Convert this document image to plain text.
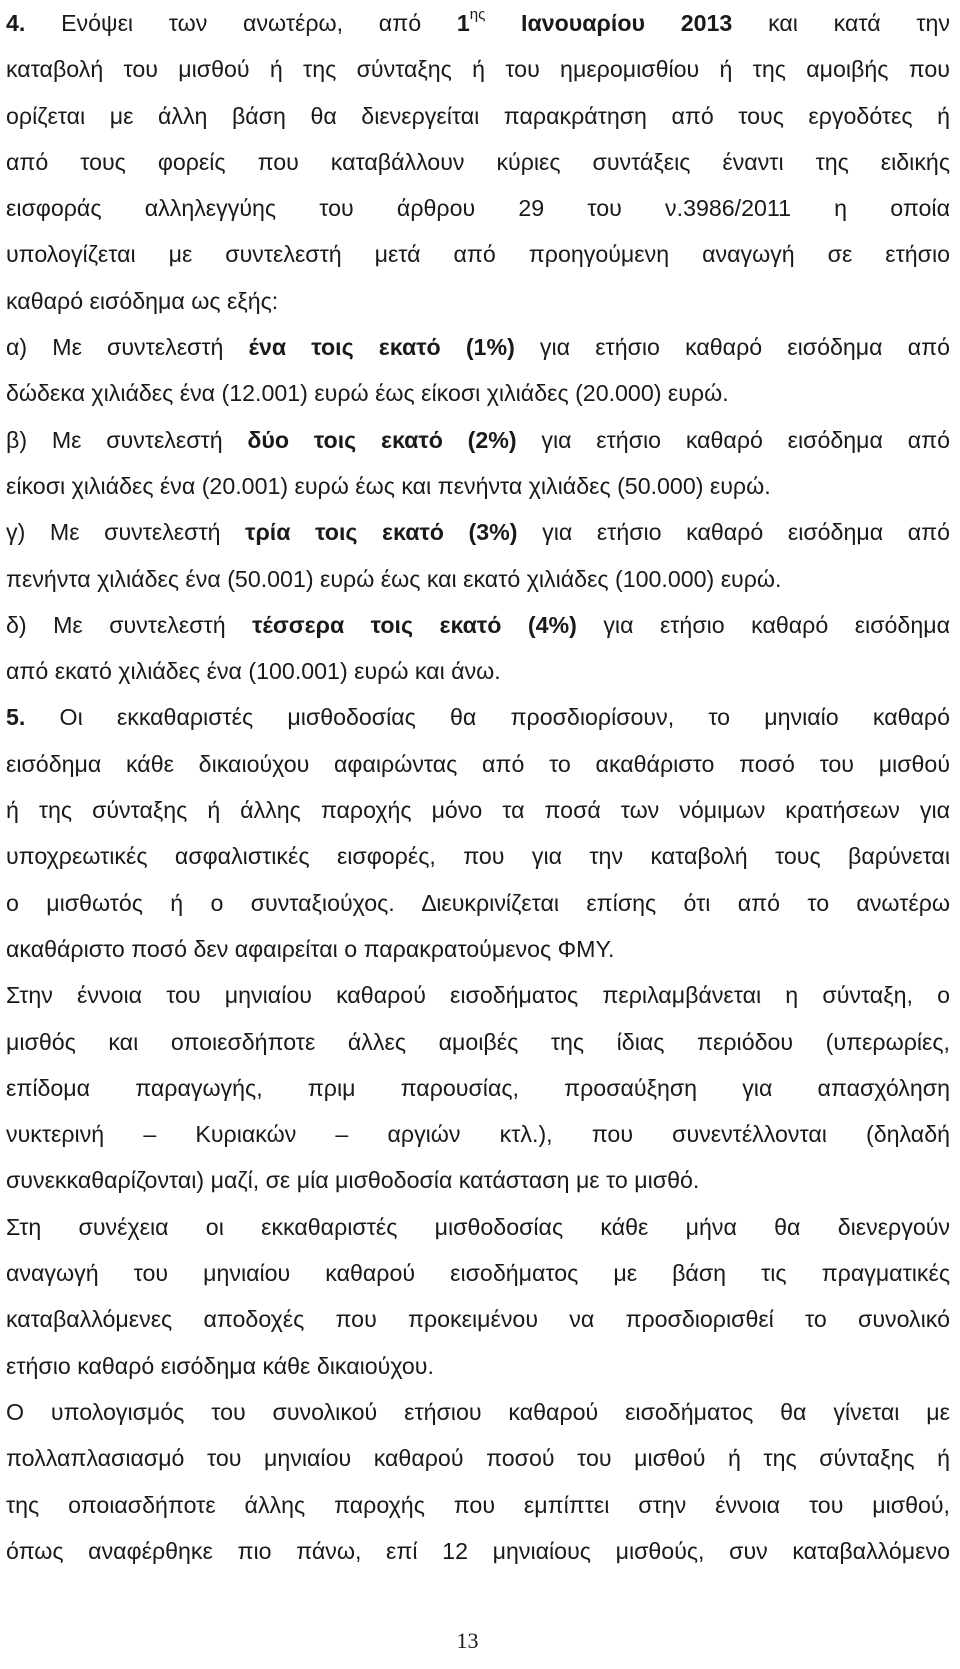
4. Ενόψει των ανωτέρω, από $1^{\eta\varsigma}$ Ιανουαρίου 2013 και κατά την
καταβολή του μισθού ή της σύνταξης ή του ημερομισθίου ή της αμοιβής που
ορίζεται με άλλη βάση θα διενεργείται παρακράτηση από τους εργοδότες ή
από τους φορείς που καταβάλλουν κύριες συντάξεις έναντι της ειδικής
εισφοράς αλληλεγγύης του άρθρου 29 του ν.3986/2011 η οποία
υπολογίζεται με συντελεστή μετά από προηγούμενη αναγωγή σε ετήσιο
καθαρό εισόδημα ως εξής:
α) Με συντελεστή ένα τοις εκατό (1%) για ετήσιο καθαρό εισόδημα από
δώδεκα χιλιάδες ένα (12.001) ευρώ έως είκοσι χιλιάδες (20.000) ευρώ.
β) Με συντελεστή δύο τοις εκατό (2%) για ετήσιο καθαρό εισόδημα από
είκοσι χιλιάδες ένα (20.001) ευρώ έως και πενήντα χιλιάδες (50.000) ευρώ.
γ) Με συντελεστή τρία τοις εκατό (3%) για ετήσιο καθαρό εισόδημα από
πενήντα χιλιάδες ένα (50.001) ευρώ έως και εκατό χιλιάδες (100.000) ευρώ.
δ) Με συντελεστή τέσσερα τοις εκατό (4%) για ετήσιο καθαρό εισόδημα
από εκατό χιλιάδες ένα (100.001) ευρώ και άνω.
5. Οι εκκαθαριστές μισθοδοσίας θα προσδιορίσουν, το μηνιαίο καθαρό
εισόδημα κάθε δικαιούχου αφαιρώντας από το ακαθάριστο ποσό του μισθού
ή της σύνταξης ή άλλης παροχής μόνο τα ποσά των νόμιμων κρατήσεων για
υποχρεωτικές ασφαλιστικές εισφορές, που για την καταβολή τους βαρύνεται
ο μισθωτός ή ο συνταξιούχος. ∆ιευκρινίζεται επίσης ότι από το ανωτέρω
ακαθάριστο ποσό δεν αφαιρείται ο παρακρατούμενος ΦΜΥ.
Στην έννοια του μηνιαίου καθαρού εισοδήματος περιλαμβάνεται η σύνταξη, ο
μισθός και οποιεσδήποτε άλλες αμοιβές της ίδιας περιόδου (υπερωρίες,
επίδομα παραγωγής, πριμ παρουσίας, προσαύξηση για απασχόληση
νυκτερινή – Κυριακών – αργιών κτλ.), που συνεντέλλονται (δηλαδή
συνεκκαθαρίζονται) μαζί, σε μία μισθοδοσία κατάσταση με το μισθό.
Στη συνέχεια οι εκκαθαριστές μισθοδοσίας κάθε μήνα θα διενεργούν
αναγωγή του μηνιαίου καθαρού εισοδήματος με βάση τις πραγματικές
καταβαλλόμενες αποδοχές που προκειμένου να προσδιορισθεί το συνολικό
ετήσιο καθαρό εισόδημα κάθε δικαιούχου.
Ο υπολογισμός του συνολικού ετήσιου καθαρού εισοδήματος θα γίνεται με
πολλαπλασιασμό του μηνιαίου καθαρού ποσού του μισθού ή της σύνταξης ή
της οποιασδήποτε άλλης παροχής που εμπίπτει στην έννοια του μισθού,
όπως αναφέρθηκε πιο πάνω, επί 12 μηνιαίους μισθούς, συν καταβαλλόμενο
13
